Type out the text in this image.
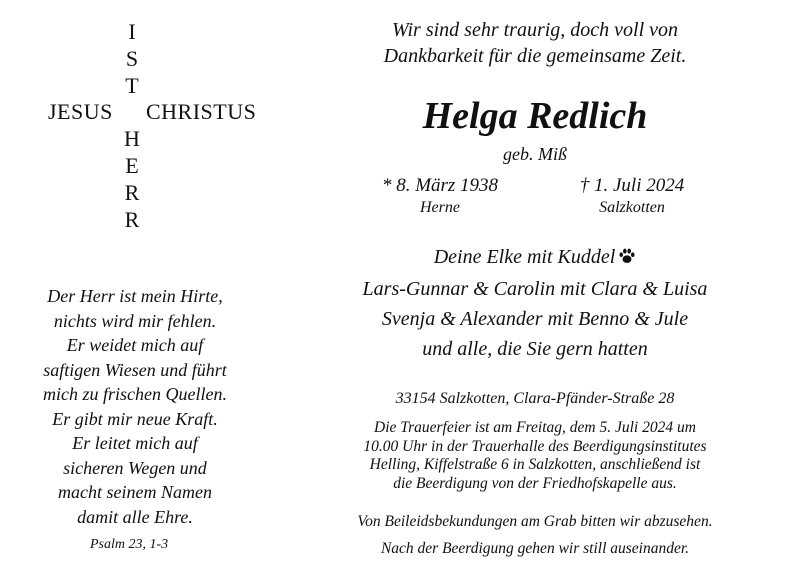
I
S
T
JESUS CHRISTUS
H
E
R
R
Wir sind sehr traurig, doch voll von
Dankbarkeit für die gemeinsame Zeit.
Helga Redlich
geb. Miß
* 8. März 1938
Herne
† 1. Juli 2024
Salzkotten
Deine Elke mit Kuddel
Lars-Gunnar & Carolin mit Clara & Luisa
Svenja & Alexander mit Benno & Jule
und alle, die Sie gern hatten
Der Herr ist mein Hirte,
nichts wird mir fehlen.
Er weidet mich auf
saftigen Wiesen und führt
mich zu frischen Quellen.
Er gibt mir neue Kraft.
Er leitet mich auf
sicheren Wegen und
macht seinem Namen
damit alle Ehre.
Psalm 23, 1-3
33154 Salzkotten, Clara-Pfänder-Straße 28
Die Trauerfeier ist am Freitag, dem 5. Juli 2024 um
10.00 Uhr in der Trauerhalle des Beerdigungsinstitutes
Helling, Kiffelstraße 6 in Salzkotten, anschließend ist
die Beerdigung von der Friedhofskapelle aus.
Von Beileidsbekundungen am Grab bitten wir abzusehen.
Nach der Beerdigung gehen wir still auseinander.
